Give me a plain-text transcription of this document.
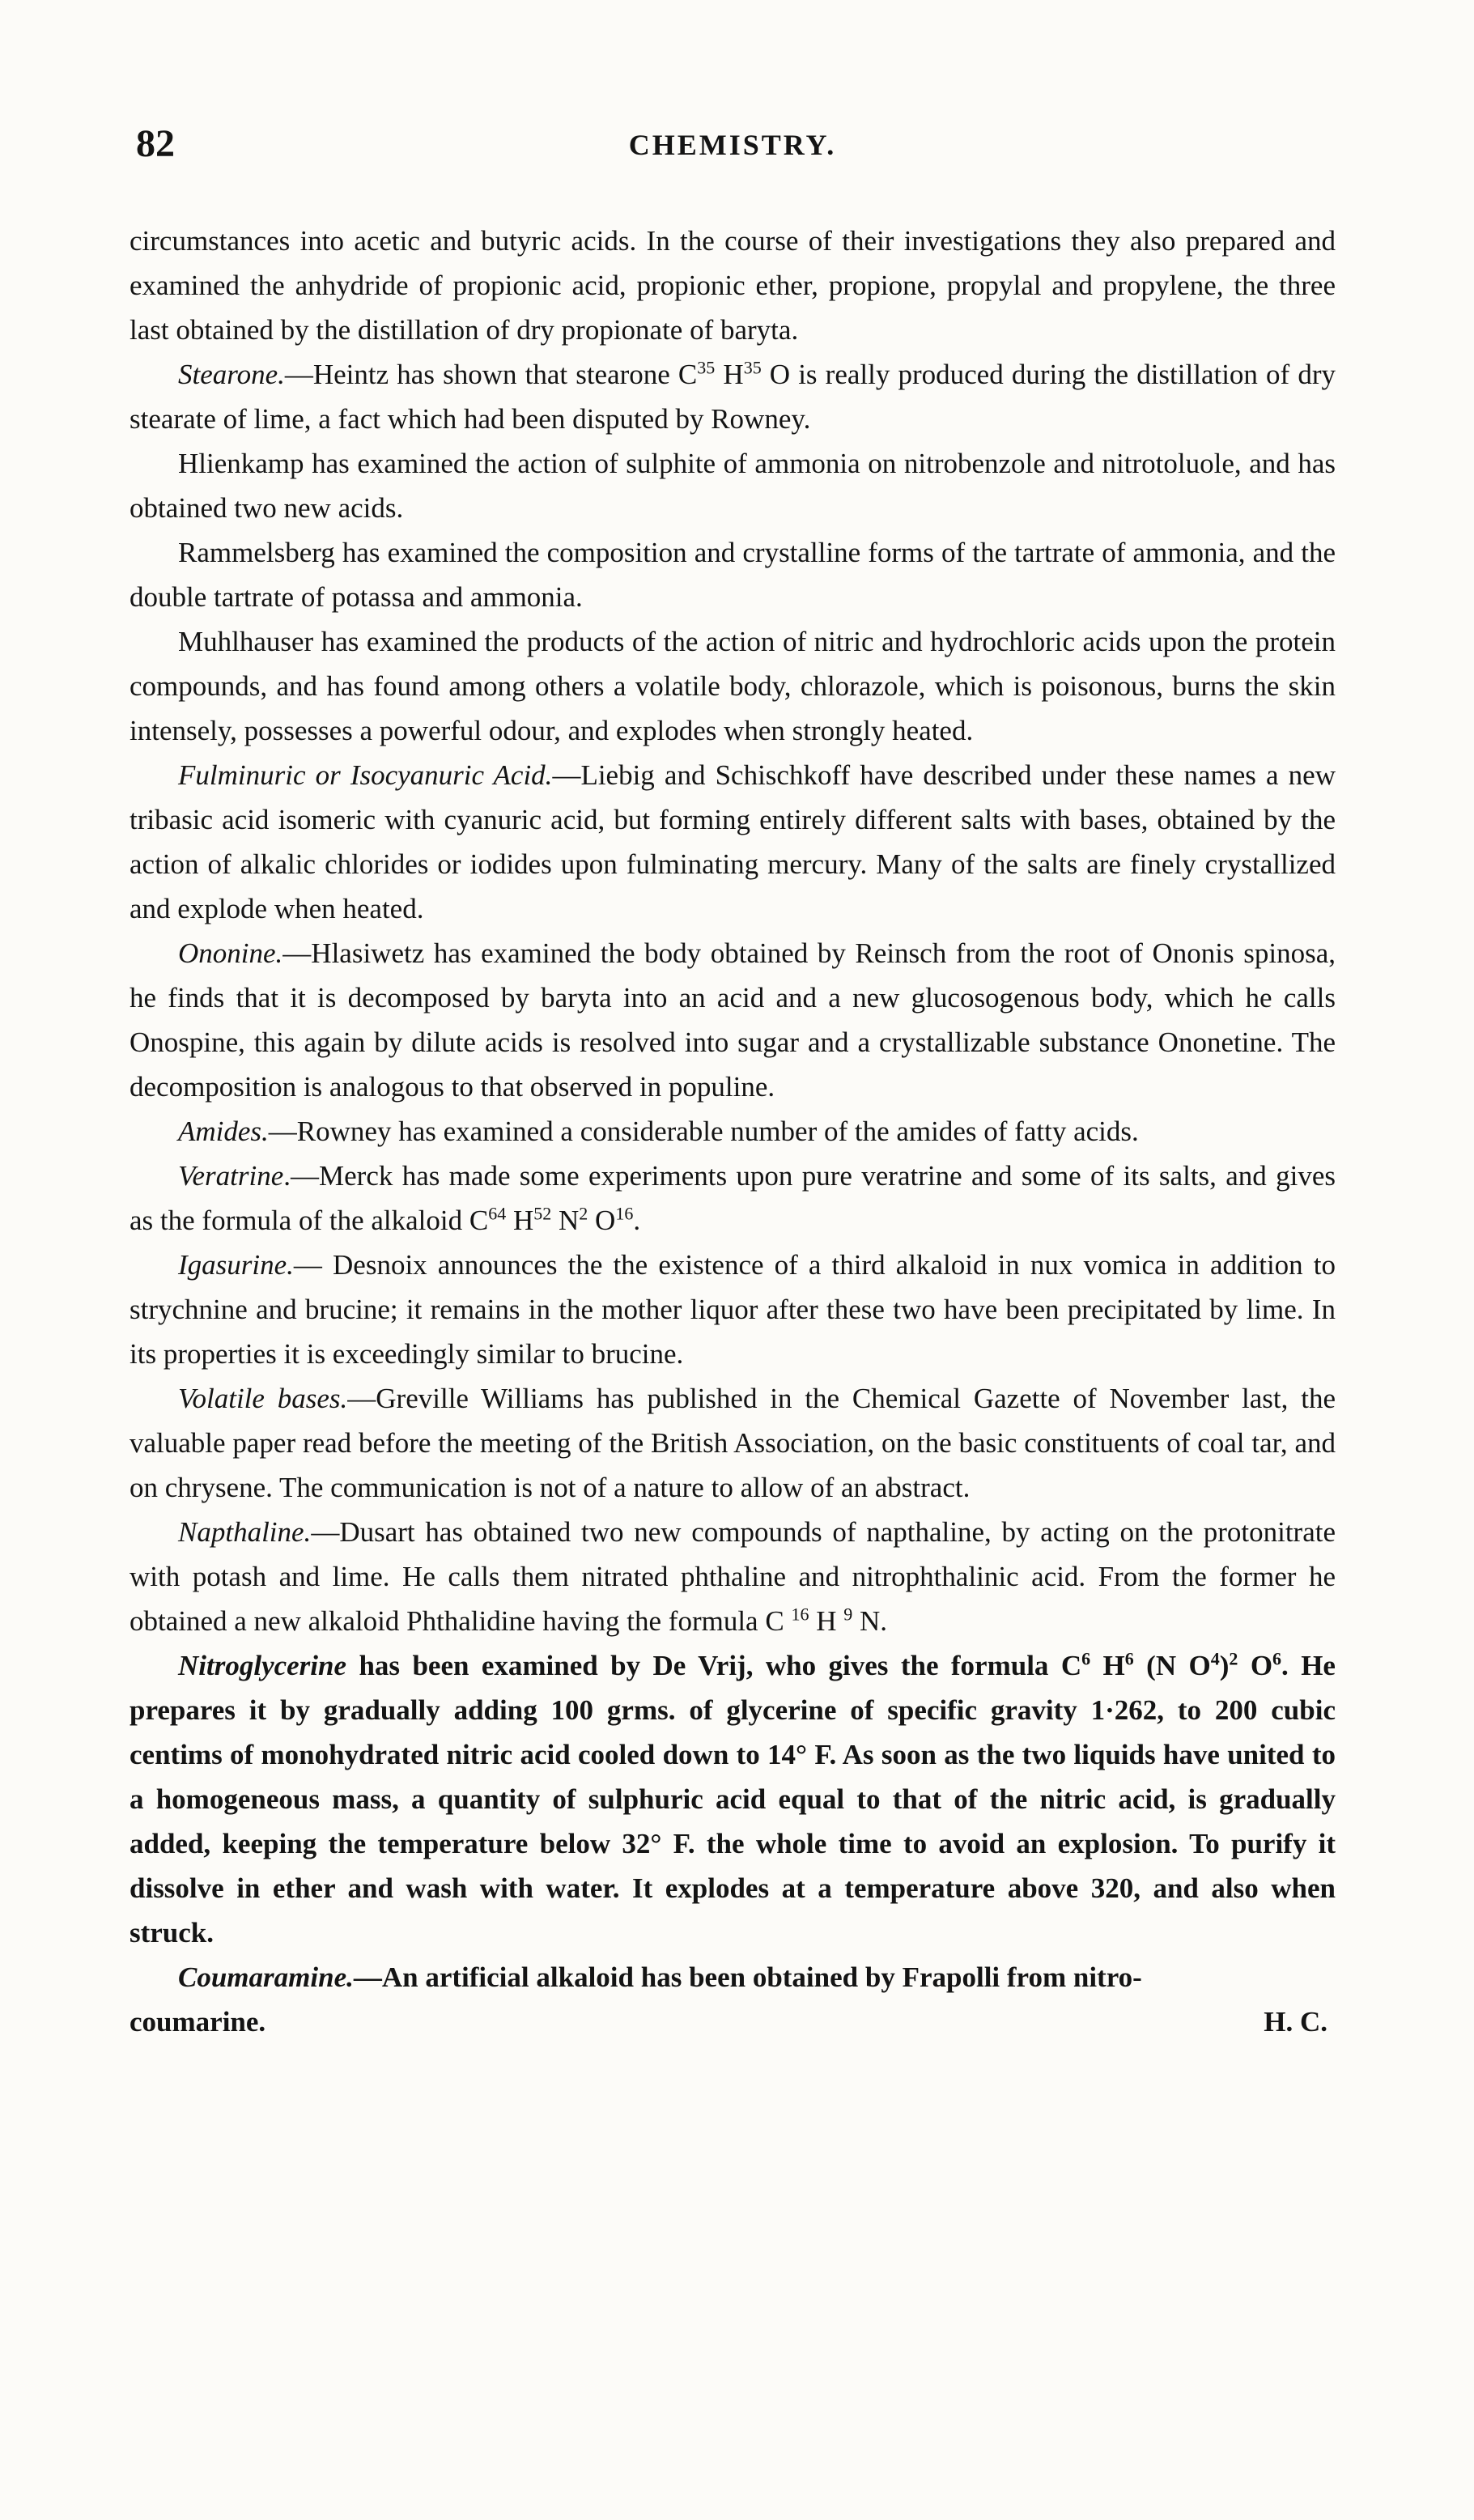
82	CHEMISTRY.

circumstances into acetic and butyric acids. In the course of their investigations they also prepared and examined the anhydride of propionic acid, propionic ether, propione, propylal and propylene, the three last obtained by the distillation of dry propionate of baryta.

Stearone.—Heintz has shown that stearone $C^{35}$ $H^{35}$ O is really produced during the distillation of dry stearate of lime, a fact which had been disputed by Rowney.

Hlienkamp has examined the action of sulphite of ammonia on nitrobenzole and nitrotoluole, and has obtained two new acids.

Rammelsberg has examined the composition and crystalline forms of the tartrate of ammonia, and the double tartrate of potassa and ammonia.

Muhlhauser has examined the products of the action of nitric and hydrochloric acids upon the protein compounds, and has found among others a volatile body, chlorazole, which is poisonous, burns the skin intensely, possesses a powerful odour, and explodes when strongly heated.

Fulminuric or Isocyanuric Acid.—Liebig and Schischkoff have described under these names a new tribasic acid isomeric with cyanuric acid, but forming entirely different salts with bases, obtained by the action of alkalic chlorides or iodides upon fulminating mercury. Many of the salts are finely crystallized and explode when heated.

Ononine.—Hlasiwetz has examined the body obtained by Reinsch from the root of Ononis spinosa, he finds that it is decomposed by baryta into an acid and a new glucosogenous body, which he calls Onospine, this again by dilute acids is resolved into sugar and a crystallizable substance Ononetine. The decomposition is analogous to that observed in populine.

Amides.—Rowney has examined a considerable number of the amides of fatty acids.

Veratrine.—Merck has made some experiments upon pure veratrine and some of its salts, and gives as the formula of the alkaloid $C^{64}$ $H^{52}$ $N^2$ $O^{16}$.

Igasurine.— Desnoix announces the the existence of a third alkaloid in nux vomica in addition to strychnine and brucine; it remains in the mother liquor after these two have been precipitated by lime. In its properties it is exceedingly similar to brucine.

Volatile bases.—Greville Williams has published in the Chemical Gazette of November last, the valuable paper read before the meeting of the British Association, on the basic constituents of coal tar, and on chrysene. The communication is not of a nature to allow of an abstract.

Napthaline.—Dusart has obtained two new compounds of napthaline, by acting on the protonitrate with potash and lime. He calls them nitrated phthaline and nitrophthalinic acid. From the former he obtained a new alkaloid Phthalidine having the formula C $^{16}$ H $^9$ N.

Nitroglycerine has been examined by De Vrij, who gives the formula $C^6$ $H^6$ (N $O^4)^2$ $O^6$. He prepares it by gradually adding 100 grms. of glycerine of specific gravity 1·262, to 200 cubic centims of monohydrated nitric acid cooled down to 14° F. As soon as the two liquids have united to a homogeneous mass, a quantity of sulphuric acid equal to that of the nitric acid, is gradually added, keeping the temperature below 32° F. the whole time to avoid an explosion. To purify it dissolve in ether and wash with water. It explodes at a temperature above 320, and also when struck.

Coumaramine.—An artificial alkaloid has been obtained by Frapolli from nitro-

coumarine.	H. C.
